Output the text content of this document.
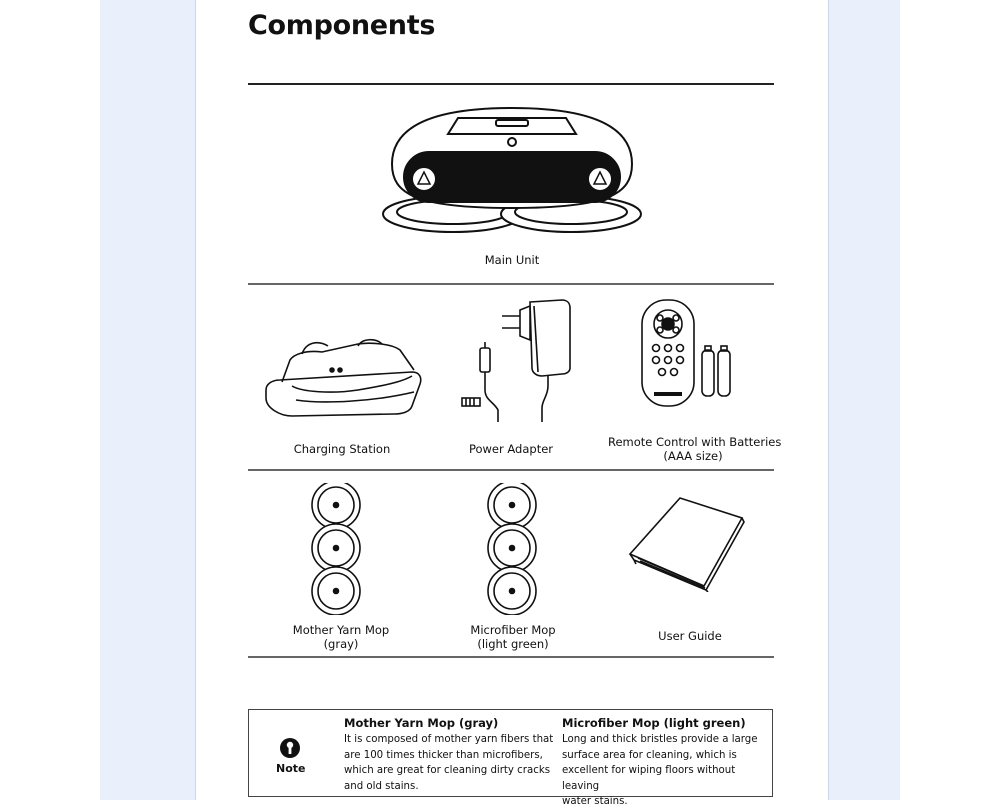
Components
Main Unit
Charging Station	Power Adapter	Remote Control with Batteries
(AAA size)
Mother Yarn Mop
(gray)
Microfiber Mop
(light green)
User Guide
Note
Mother Yarn Mop (gray)
It is composed of mother yarn fibers that
are 100 times thicker than microfibers,
which are great for cleaning dirty cracks
and old stains.
Microfiber Mop (light green)
Long and thick bristles provide a large
surface area for cleaning, which is
excellent for wiping floors without leaving
water stains.
